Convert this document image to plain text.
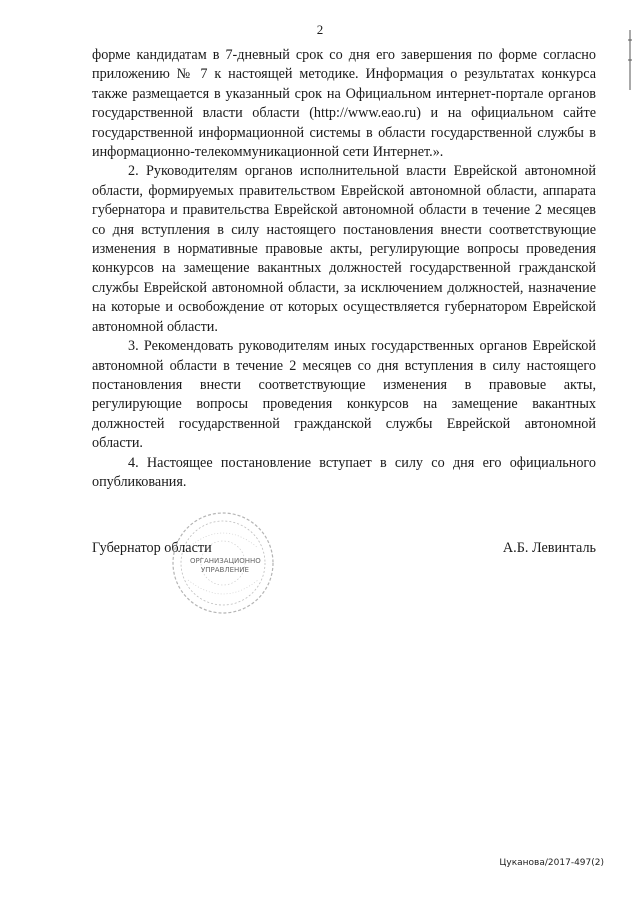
2

форме кандидатам в 7-дневный срок со дня его завершения по форме согласно приложению № 7 к настоящей методике. Информация о результатах конкурса также размещается в указанный срок на Официальном интернет-портале органов государственной власти области (http://www.eao.ru) и на официальном сайте государственной информационной системы в области государственной службы в информационно-телекоммуникационной сети Интернет.».

2. Руководителям органов исполнительной власти Еврейской автономной области, формируемых правительством Еврейской автономной области, аппарата губернатора и правительства Еврейской автономной области в течение 2 месяцев со дня вступления в силу настоящего постановления внести соответствующие изменения в нормативные правовые акты, регулирующие вопросы проведения конкурсов на замещение вакантных должностей государственной гражданской службы Еврейской автономной области, за исключением должностей, назначение на которые и освобождение от которых осуществляется губернатором Еврейской автономной области.

3. Рекомендовать руководителям иных государственных органов Еврейской автономной области в течение 2 месяцев со дня вступления в силу настоящего постановления внести соответствующие изменения в правовые акты, регулирующие вопросы проведения конкурсов на замещение вакантных должностей государственной гражданской службы Еврейской автономной области.

4. Настоящее постановление вступает в силу со дня его официального опубликования.

ОРГАНИЗАЦИОННО
УПРАВЛЕНИЕ
Губернатор области	А.Б. Левинталь
Цуканова/2017-497(2)
